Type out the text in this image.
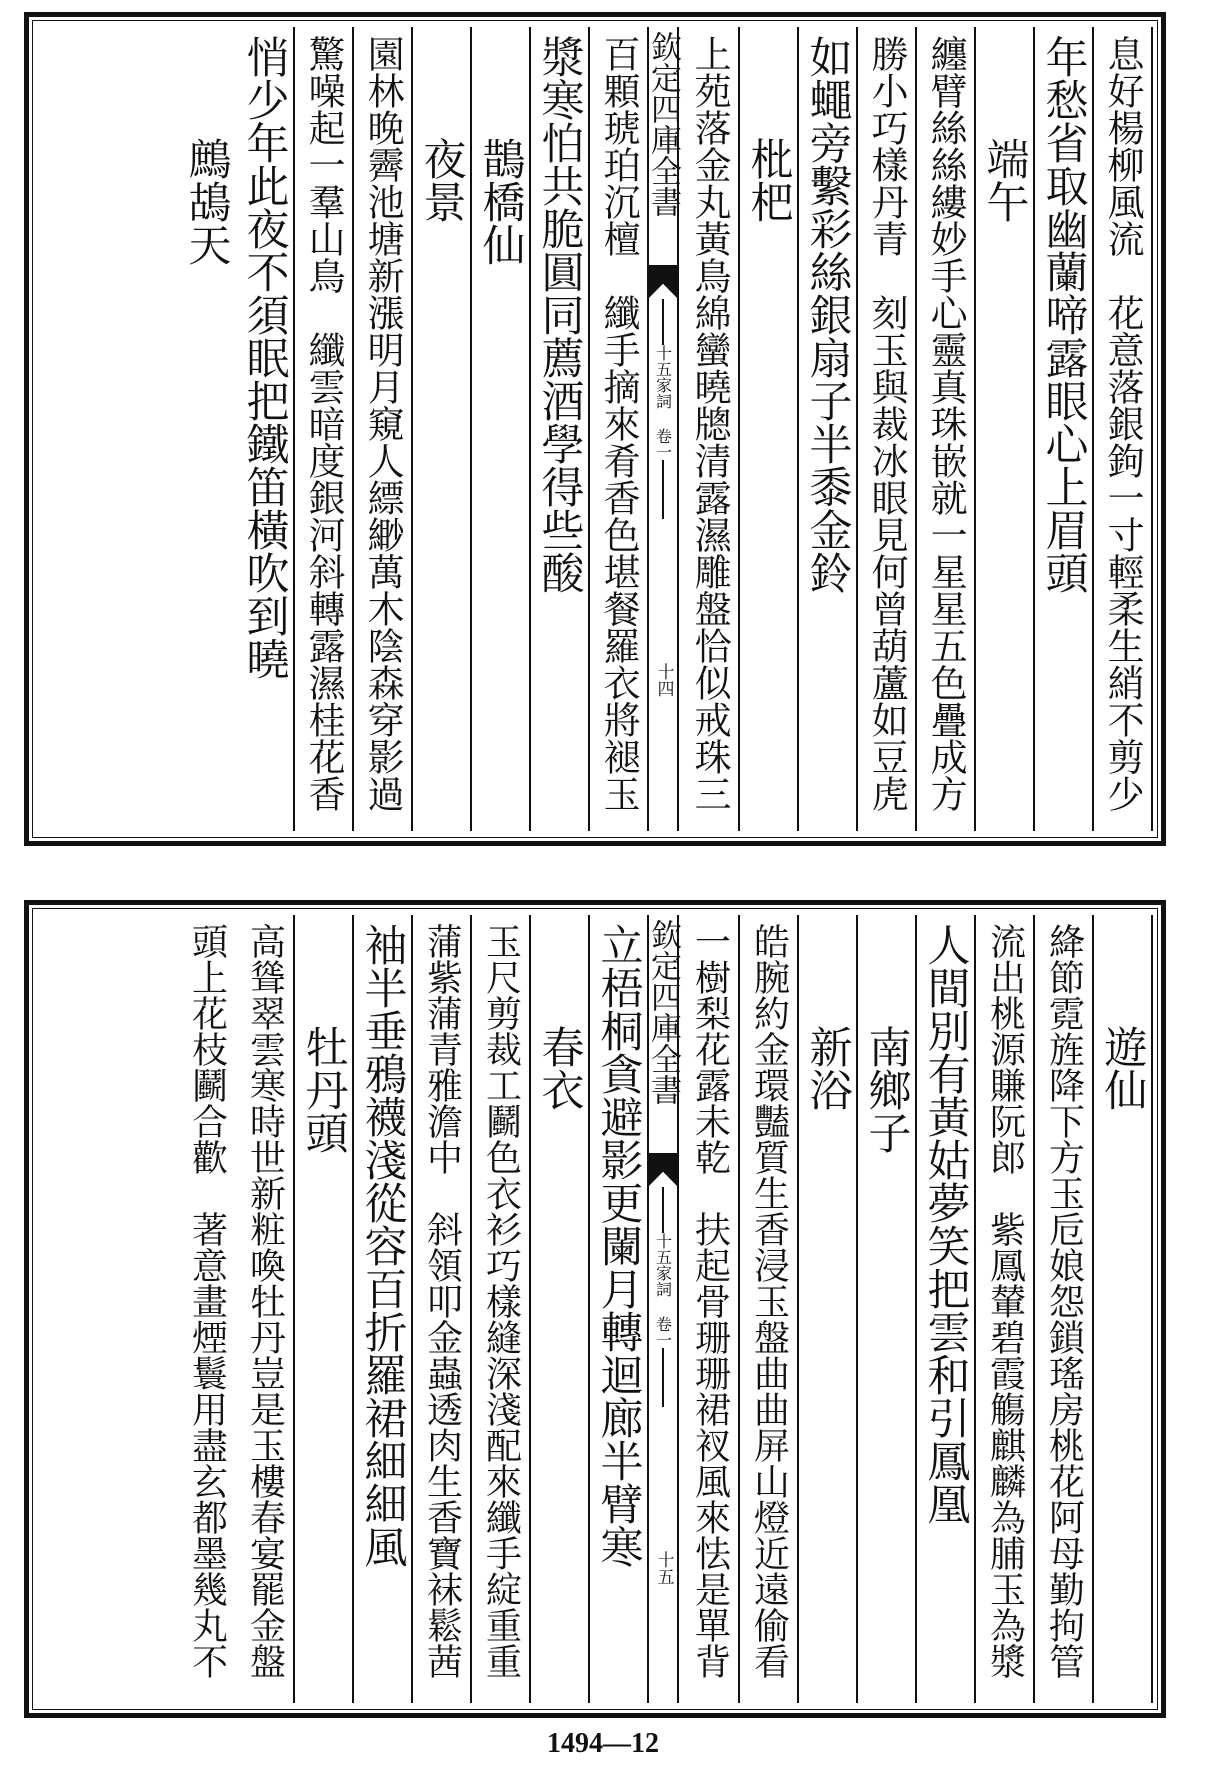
息好楊柳風流　花意落銀鉤一寸輕柔生綃不剪少
年愁省取幽蘭啼露眼心上眉頭
端午
纏臂絲絲縷妙手心靈真珠嵌就一星星五色疊成方
勝小巧樣丹青　刻玉與裁冰眼見何曾葫蘆如豆虎
如蠅旁繫彩絲銀扇子半黍金鈴
枇杷
上苑落金丸黃鳥綿蠻曉牕清露濕雕盤恰似戒珠三
欽定四庫全書
十五家詞 卷一
十四
百顆琥珀沉檀　纖手摘來肴香色堪餐羅衣將褪玉
漿寒怕共脆圓同薦酒學得些酸
鵲橋仙
夜景
園林晚霽池塘新漲明月窺人縹緲萬木陰森穿影過
驚噪起一羣山鳥　纖雲暗度銀河斜轉露濕桂花香
悄少年此夜不須眠把鐵笛橫吹到曉
鷓鴣天
遊仙
絳節霓旌降下方玉卮娘怨鎖瑤房桃花阿母勤拘管
流出桃源賺阮郎　紫鳳輦碧霞觴麒麟為脯玉為漿
人間別有黃姑夢笑把雲和引鳳凰
南鄉子
新浴
皓腕約金環豔質生香浸玉盤曲曲屏山燈近遠偷看
一樹梨花露未乾　扶起骨珊珊裙衩風來怯是單背
欽定四庫全書
十五家詞 卷一
十五
立梧桐貪避影更闌月轉迴廊半臂寒
春衣
玉尺剪裁工鬬色衣衫巧樣縫深淺配來纖手綻重重
蒲紫蒲青雅澹中　斜領叩金蟲透肉生香寶袜鬆茜
袖半垂鴉襪淺從容百折羅裙細細風
牡丹頭
高聳翠雲寒時世新粧喚牡丹豈是玉樓春宴罷金盤
頭上花枝鬬合歡　著意畫煙鬟用盡玄都墨幾丸不
1494—12
